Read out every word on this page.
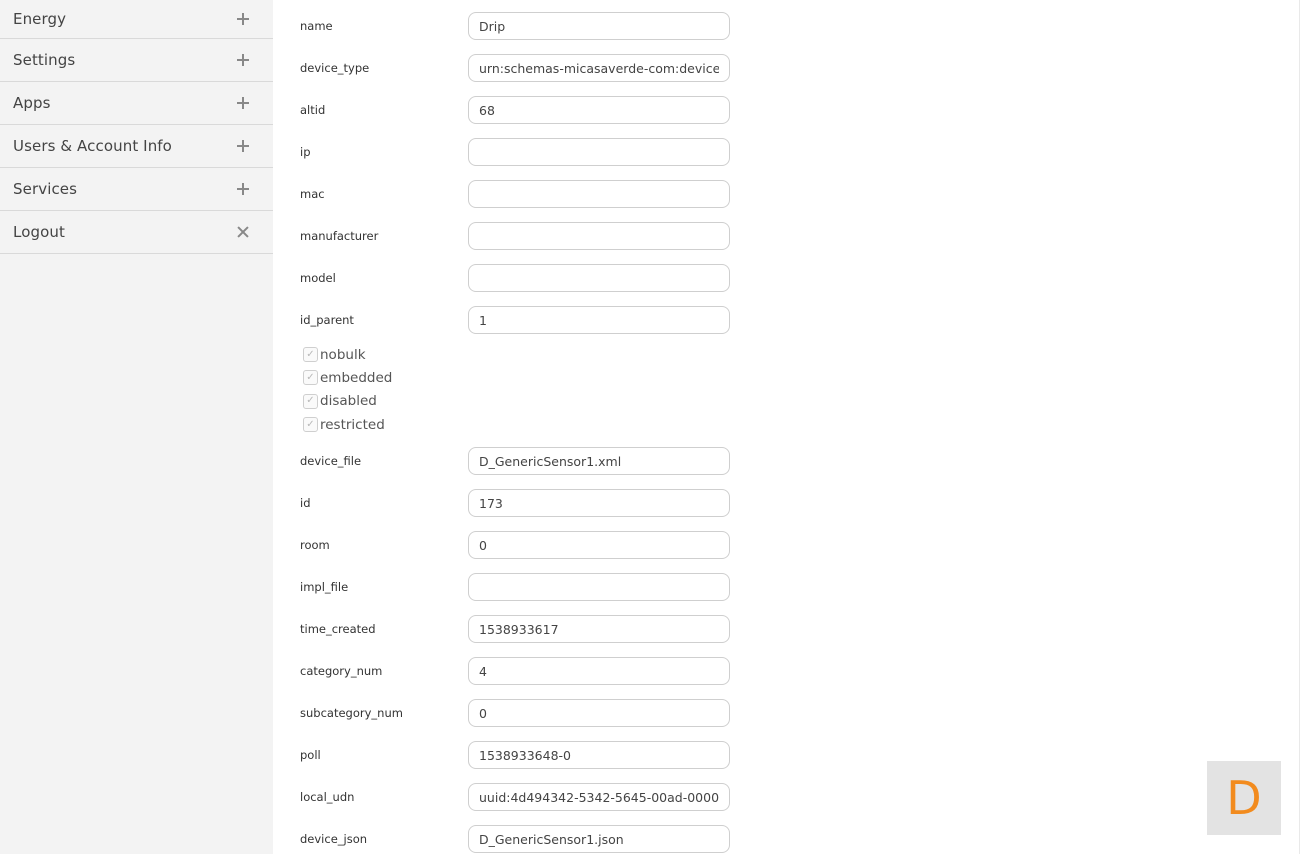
Energy
Settings
Apps
Users & Account Info
Services
Logout
name
Drip
device_type
urn:schemas-micasaverde-com:device:GenericSensor:1
altid
68
ip
mac
manufacturer
model
id_parent
1
✓ nobulk
✓ embedded
✓ disabled
✓ restricted
device_file
D_GenericSensor1.xml
id
173
room
0
impl_file
time_created
1538933617
category_num
4
subcategory_num
0
poll
1538933648-0
local_udn
uuid:4d494342-5342-5645-00ad-000002fc
device_json
D_GenericSensor1.json
D
